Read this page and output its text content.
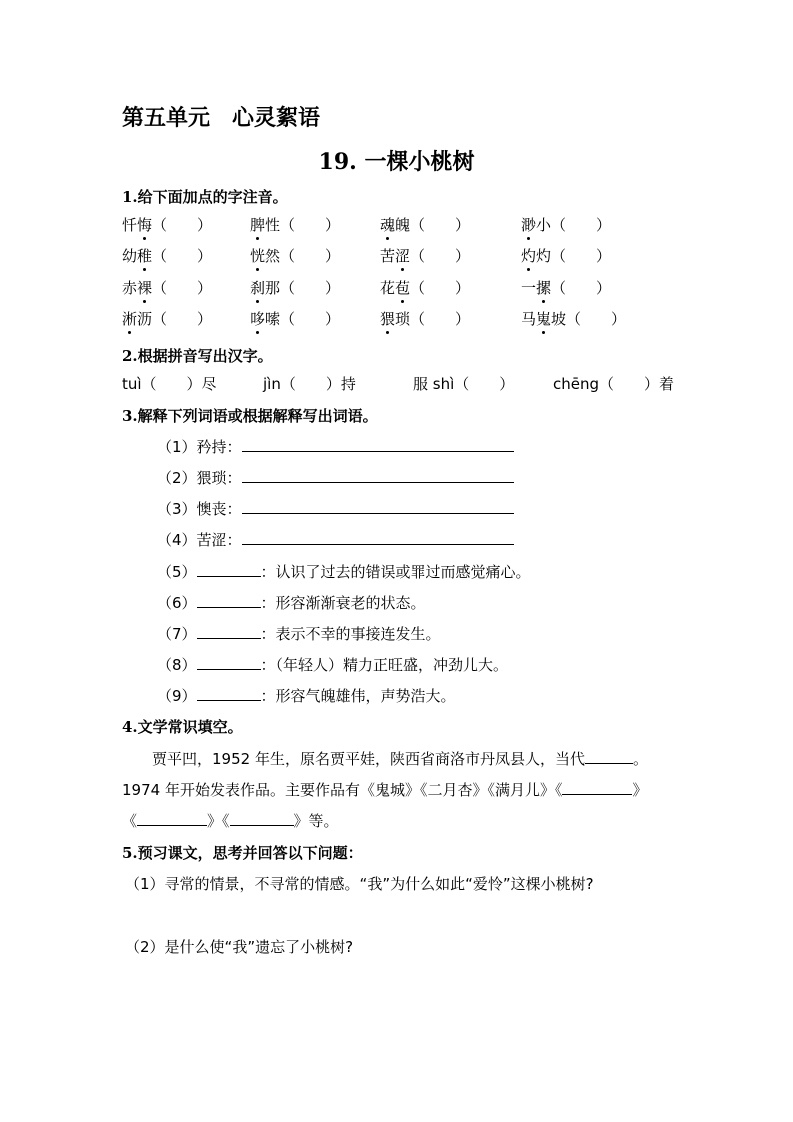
第五单元　心灵絮语
19. 一棵小桃树
1.给下面加点的字注音。
忏悔（　　）	脾性（　　）	魂魄（　　）	渺小（　　）
幼稚（　　）	恍然（　　）	苦涩（　　）	灼灼（　　）
赤裸（　　）	刹那（　　）	花苞（　　）	一摞（　　）
淅沥（　　）	哆嗦（　　）	猥琐（　　）	马嵬坡（　　）
2.根据拼音写出汉字。
tuì（　　）尽	jìn（　　）持	服 shì（　　）	chēng（　　）着
3.解释下列词语或根据解释写出词语。
（1）矜持：
（2）猥琐：
（3）懊丧：
（4）苦涩：
（5）	：认识了过去的错误或罪过而感觉痛心。
（6）	：形容渐渐衰老的状态。
（7）	：表示不幸的事接连发生。
（8）	：（年轻人）精力正旺盛，冲劲儿大。
（9）	：形容气魄雄伟，声势浩大。
4.文学常识填空。
贾平凹，1952 年生，原名贾平娃，陕西省商洛市丹凤县人，当代	。
1974 年开始发表作品。主要作品有《鬼城》《二月杏》《满月儿》《	》
《	》《	》等。
5.预习课文，思考并回答以下问题：
（1）寻常的情景，不寻常的情感。“我”为什么如此“爱怜”这棵小桃树?
（2）是什么使“我”遗忘了小桃树?
